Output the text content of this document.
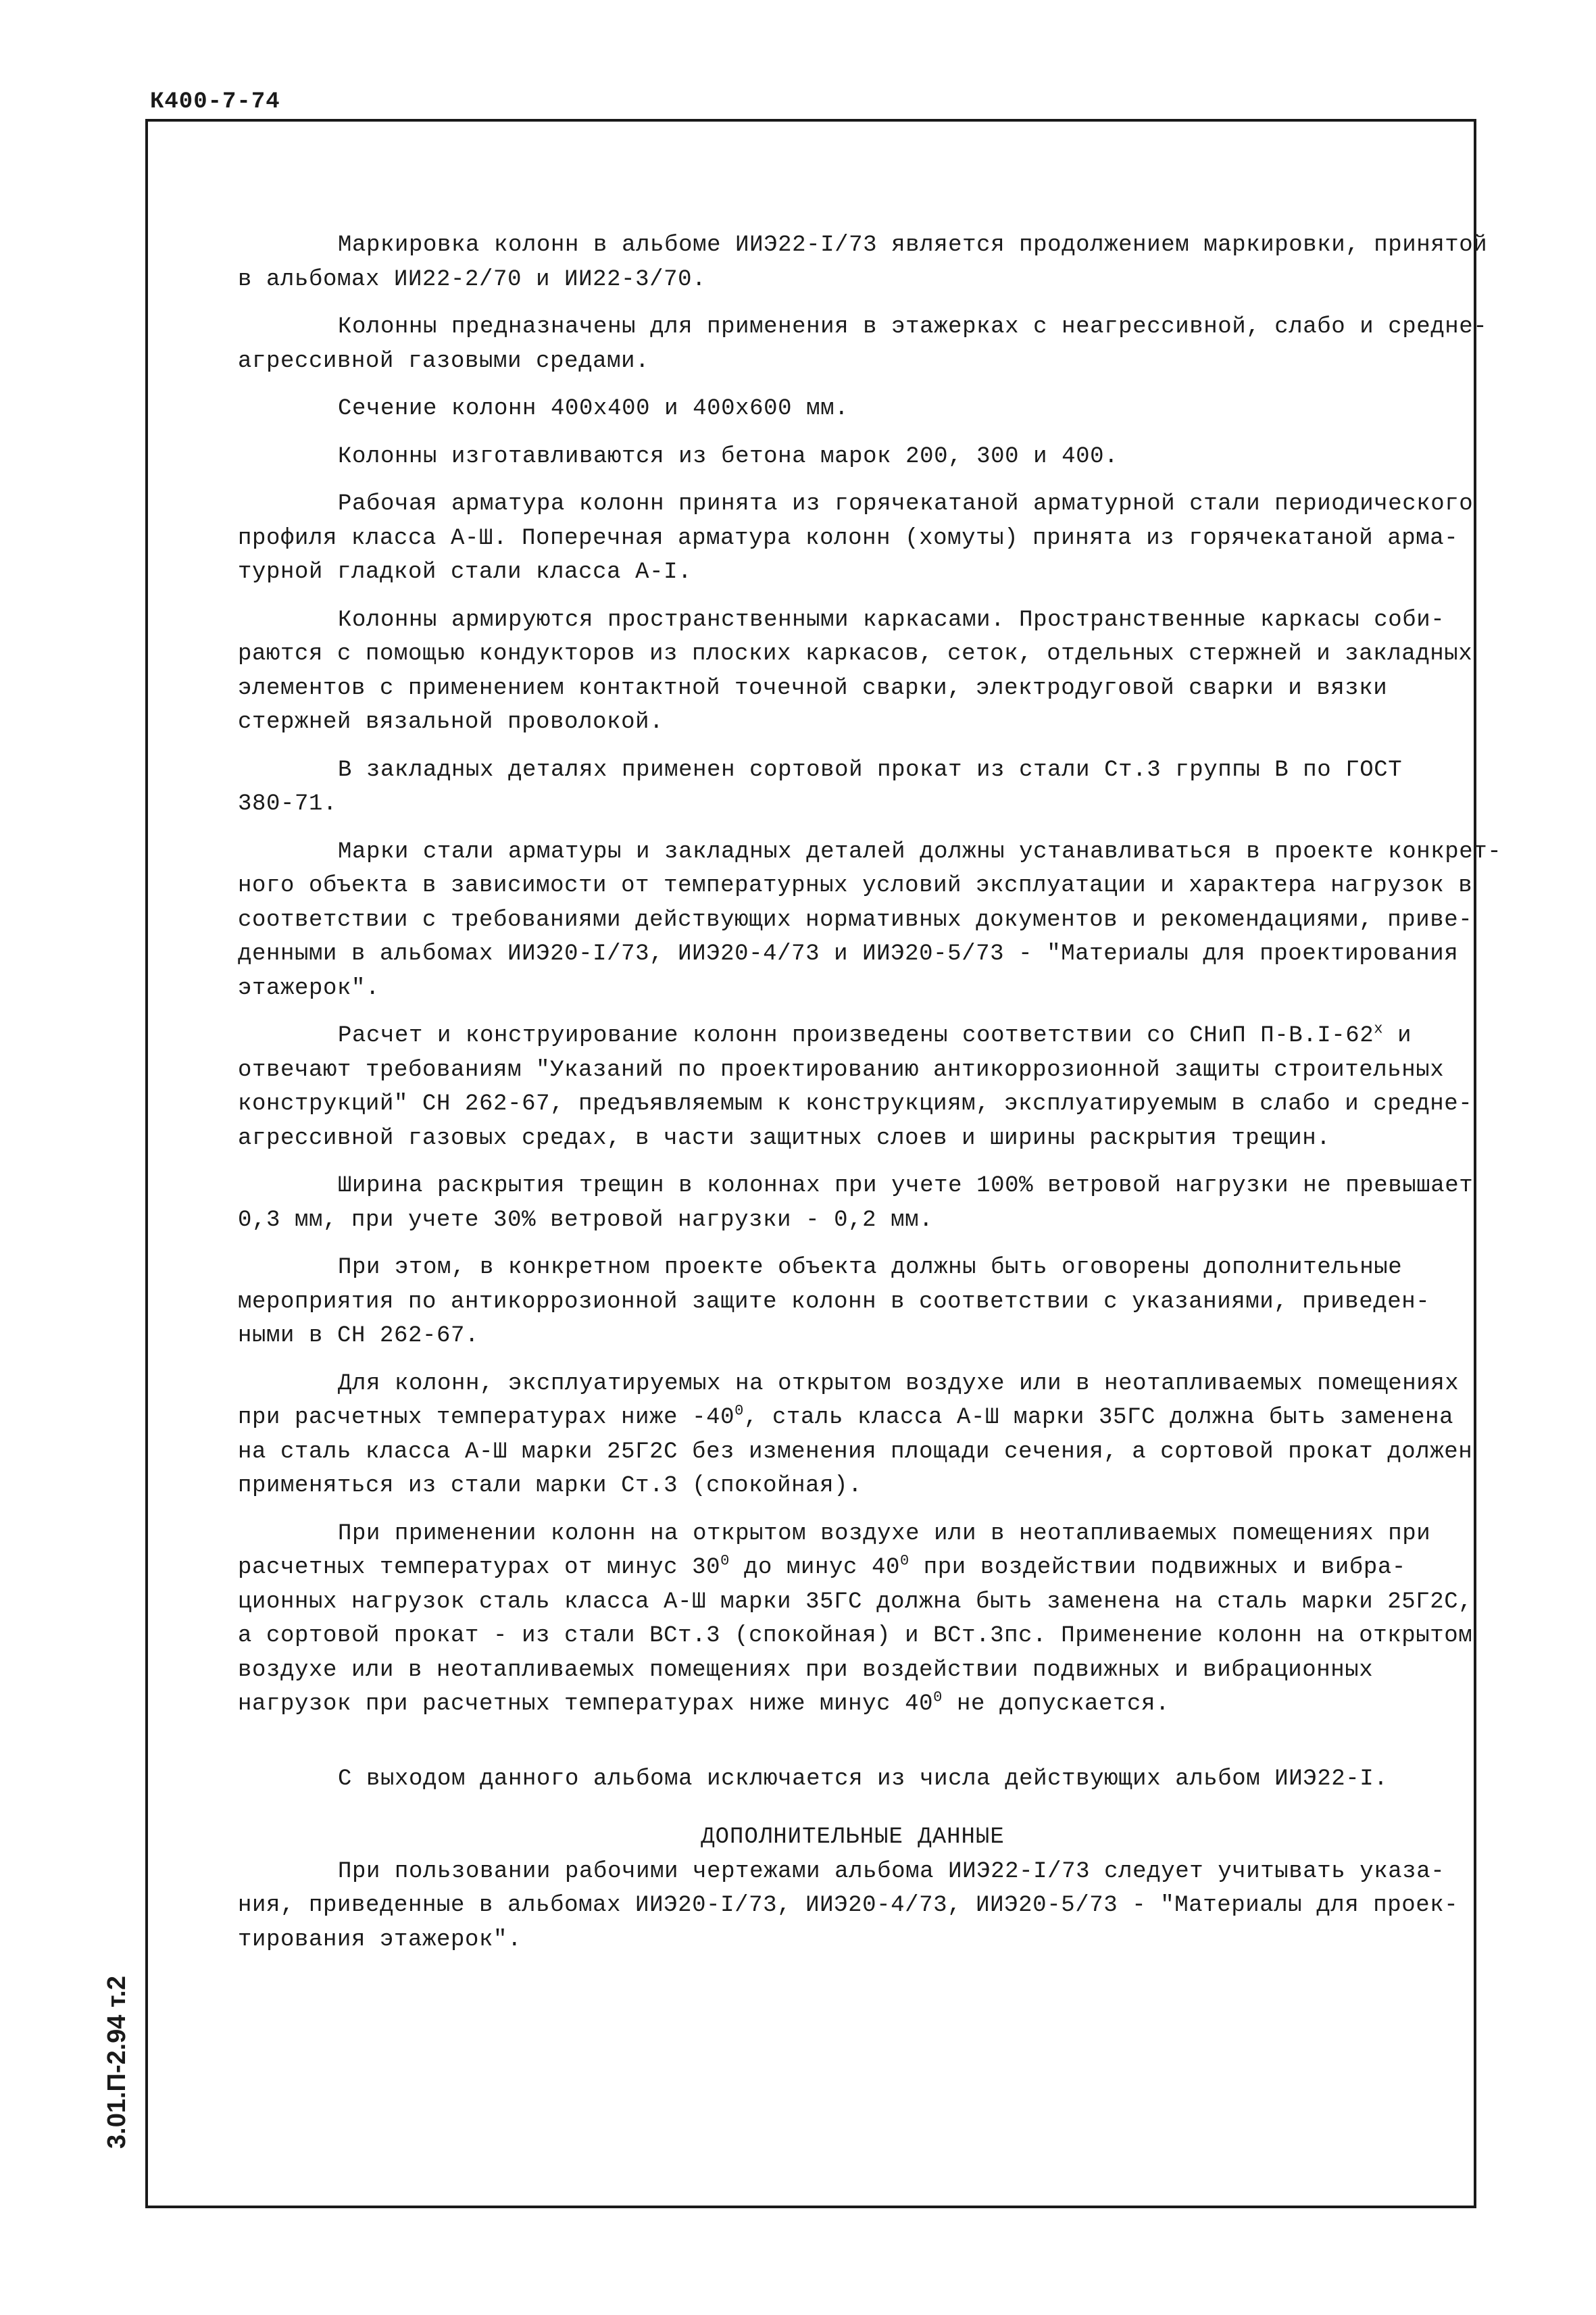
К400-7-74
3.01.П-2.94 т.2
Маркировка колонн в альбоме ИИЭ22-I/73 является продолжением маркировки, принятой
в альбомах ИИ22-2/70 и ИИ22-3/70.
Колонны предназначены для применения в этажерках с неагрессивной, слабо и средне-
агрессивной газовыми средами.
Сечение колонн 400х400 и 400х600 мм.
Колонны изготавливаются из бетона марок 200, 300 и 400.
Рабочая арматура колонн принята из горячекатаной арматурной стали периодического
профиля класса А-Ш. Поперечная арматура колонн (хомуты) принята из горячекатаной арма-
турной гладкой стали класса А-I.
Колонны армируются пространственными каркасами. Пространственные каркасы соби-
раются с помощью кондукторов из плоских каркасов, сеток, отдельных стержней и закладных
элементов с применением контактной точечной сварки, электродуговой сварки и вязки
стержней вязальной проволокой.
В закладных деталях применен сортовой прокат из стали Ст.3 группы В по ГОСТ
380-71.
Марки стали арматуры и закладных деталей должны устанавливаться в проекте конкрет-
ного объекта в зависимости от температурных условий эксплуатации и характера нагрузок в
соответствии с требованиями действующих нормативных документов и рекомендациями, приве-
денными в альбомах ИИЭ20-I/73, ИИЭ20-4/73 и ИИЭ20-5/73 - "Материалы для проектирования
этажерок".
Расчет и конструирование колонн произведены соответствии со СНиП $П-В.I-62^х$ и
отвечают требованиям "Указаний по проектированию антикоррозионной защиты строительных
конструкций" СН 262-67, предъявляемым к конструкциям, эксплуатируемым в слабо и средне-
агрессивной газовых средах, в части защитных слоев и ширины раскрытия трещин.
Ширина раскрытия трещин в колоннах при учете 100% ветровой нагрузки не превышает
0,3 мм, при учете 30% ветровой нагрузки - 0,2 мм.
При этом, в конкретном проекте объекта должны быть оговорены дополнительные
мероприятия по антикоррозионной защите колонн в соответствии с указаниями, приведен-
ными в СН 262-67.
Для колонн, эксплуатируемых на открытом воздухе или в неотапливаемых помещениях
при расчетных температурах ниже $-40^0$, сталь класса А-Ш марки 35ГС должна быть заменена
на сталь класса А-Ш марки 25Г2С без изменения площади сечения, а сортовой прокат должен
применяться из стали марки Ст.3 (спокойная).
При применении колонн на открытом воздухе или в неотапливаемых помещениях при
расчетных температурах от минус $30^0$ до минус $40^0$ при воздействии подвижных и вибра-
ционных нагрузок сталь класса А-Ш марки 35ГС должна быть заменена на сталь марки 25Г2С,
а сортовой прокат - из стали ВСт.3 (спокойная) и ВСт.3пс. Применение колонн на открытом
воздухе или в неотапливаемых помещениях при воздействии подвижных и вибрационных
нагрузок при расчетных температурах ниже минус $40^0$ не допускается.
С выходом данного альбома исключается из числа действующих альбом ИИЭ22-I.
ДОПОЛНИТЕЛЬНЫЕ ДАННЫЕ
При пользовании рабочими чертежами альбома ИИЭ22-I/73 следует учитывать указа-
ния, приведенные в альбомах ИИЭ20-I/73, ИИЭ20-4/73, ИИЭ20-5/73 - "Материалы для проек-
тирования этажерок".
